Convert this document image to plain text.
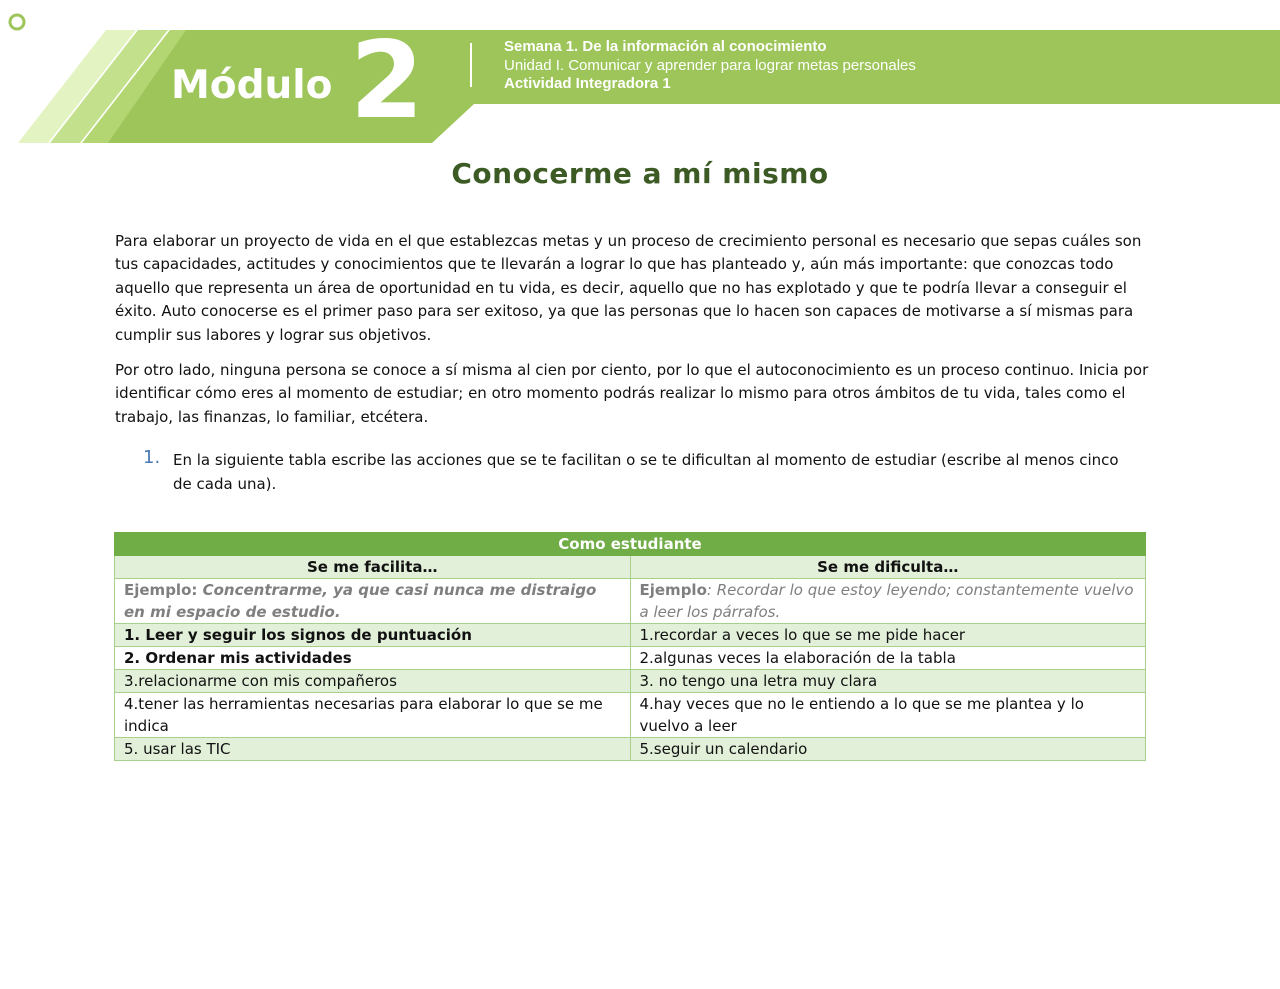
Módulo 2	Semana 1. De la información al conocimiento
Unidad I. Comunicar y aprender para lograr metas personales
Actividad Integradora 1
Conocerme a mí mismo

Para elaborar un proyecto de vida en el que establezcas metas y un proceso de crecimiento personal es necesario que sepas cuáles son tus capacidades, actitudes y conocimientos que te llevarán a lograr lo que has planteado y, aún más importante: que conozcas todo aquello que representa un área de oportunidad en tu vida, es decir, aquello que no has explotado y que te podría llevar a conseguir el éxito. Auto conocerse es el primer paso para ser exitoso, ya que las personas que lo hacen son capaces de motivarse a sí mismas para cumplir sus labores y lograr sus objetivos.

Por otro lado, ninguna persona se conoce a sí misma al cien por ciento, por lo que el autoconocimiento es un proceso continuo. Inicia por identificar cómo eres al momento de estudiar; en otro momento podrás realizar lo mismo para otros ámbitos de tu vida, tales como el trabajo, las finanzas, lo familiar, etcétera.

1. En la siguiente tabla escribe las acciones que se te facilitan o se te dificultan al momento de estudiar (escribe al menos cinco de cada una).
Como estudiante	
Se me facilita…	Se me dificulta…
Ejemplo: Concentrarme, ya que casi nunca me distraigo en mi espacio de estudio.	Ejemplo: Recordar lo que estoy leyendo; constantemente vuelvo a leer los párrafos.
1. Leer y seguir los signos de puntuación	1.recordar a veces lo que se me pide hacer
2. Ordenar mis actividades	2.algunas veces la elaboración de la tabla
3.relacionarme con mis compañeros	3. no tengo una letra muy clara
4.tener las herramientas necesarias para elaborar lo que se me indica	4.hay veces que no le entiendo a lo que se me plantea y lo vuelvo a leer
5. usar las TIC	5.seguir un calendario
